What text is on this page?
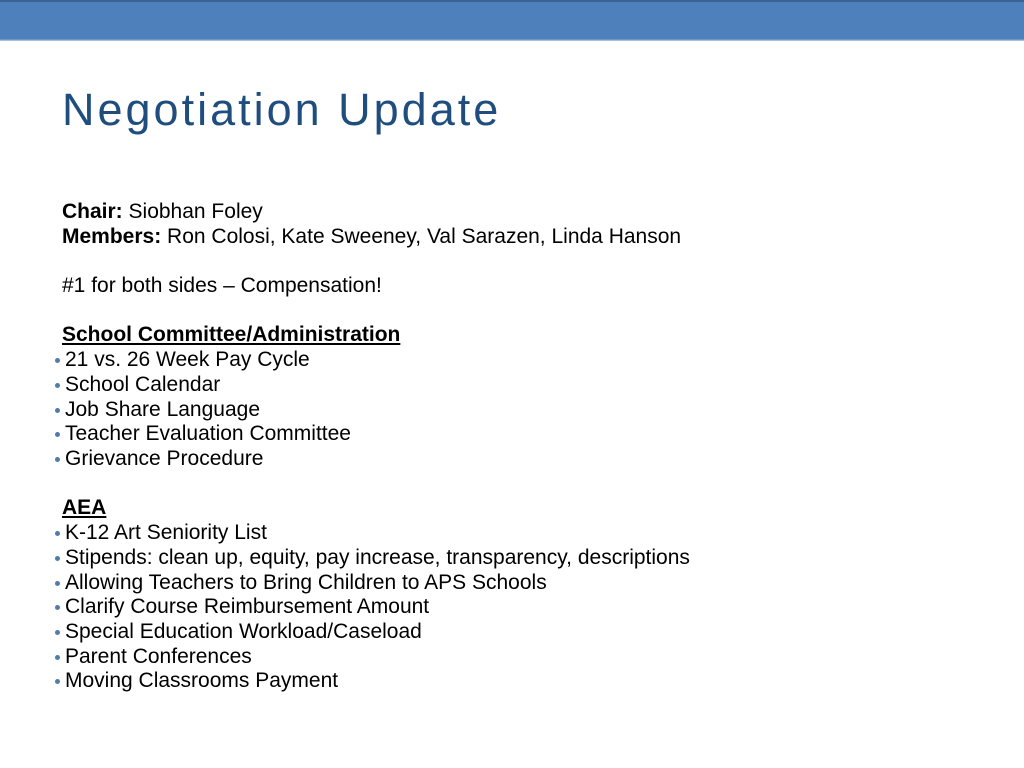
Negotiation Update
Chair: Siobhan Foley
Members: Ron Colosi, Kate Sweeney, Val Sarazen, Linda Hanson
#1 for both sides – Compensation!
School Committee/Administration
21 vs. 26 Week Pay Cycle
School Calendar
Job Share Language
Teacher Evaluation Committee
Grievance Procedure
AEA
K-12 Art Seniority List
Stipends: clean up, equity, pay increase, transparency, descriptions
Allowing Teachers to Bring Children to APS Schools
Clarify Course Reimbursement Amount
Special Education Workload/Caseload
Parent Conferences
Moving Classrooms Payment
